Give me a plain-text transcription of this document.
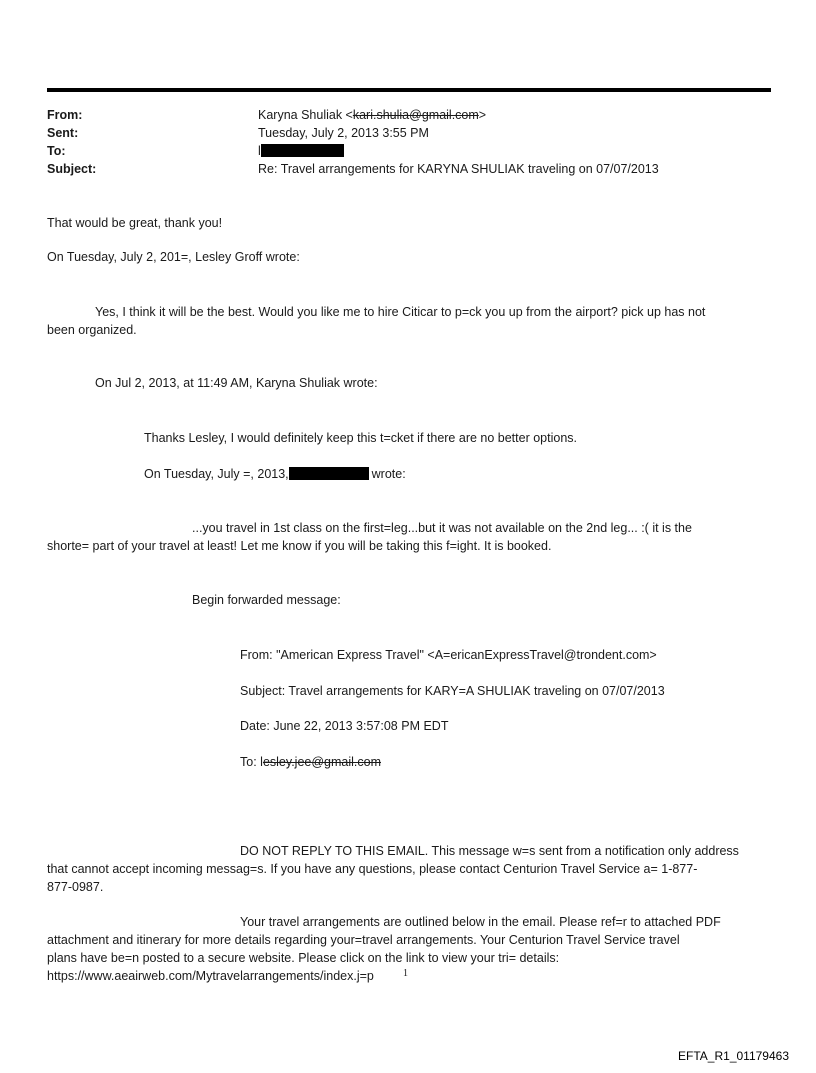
From:	Karyna Shuliak <kari.shulia@gmail.com>
Sent:	Tuesday, July 2, 2013 3:55 PM
To:	l
Subject:	Re: Travel arrangements for KARYNA SHULIAK traveling on 07/07/2013
That would be great, thank you!
On Tuesday, July 2, 201=, Lesley Groff wrote:
Yes, I think it will be the best. Would you like me to hire Citicar to p=ck you up from the airport? pick up has not
been organized.
On Jul 2, 2013, at 11:49 AM, Karyna Shuliak wrote:
Thanks Lesley, I would definitely keep this t=cket if there are no better options.
On Tuesday, July =, 2013,	wrote:
...you travel in 1st class on the first=leg...but it was not available on the 2nd leg... :( it is the
shorte= part of your travel at least! Let me know if you will be taking this f=ight. It is booked.
Begin forwarded message:
From: "American Express Travel" <A=ericanExpressTravel@trondent.com>
Subject: Travel arrangements for KARY=A SHULIAK traveling on 07/07/2013
Date: June 22, 2013 3:57:08 PM EDT
To: lesley.jee@gmail.com
DO NOT REPLY TO THIS EMAIL. This message w=s sent from a notification only address
that cannot accept incoming messag=s. If you have any questions, please contact Centurion Travel Service a= 1-877-
877-0987.
Your travel arrangements are outlined below in the email. Please ref=r to attached PDF
attachment and itinerary for more details regarding your=travel arrangements. Your Centurion Travel Service travel
plans have be=n posted to a secure website. Please click on the link to view your tri= details:
https://www.aeairweb.com/Mytravelarrangements/index.j=p	1
EFTA_R1_01179463
